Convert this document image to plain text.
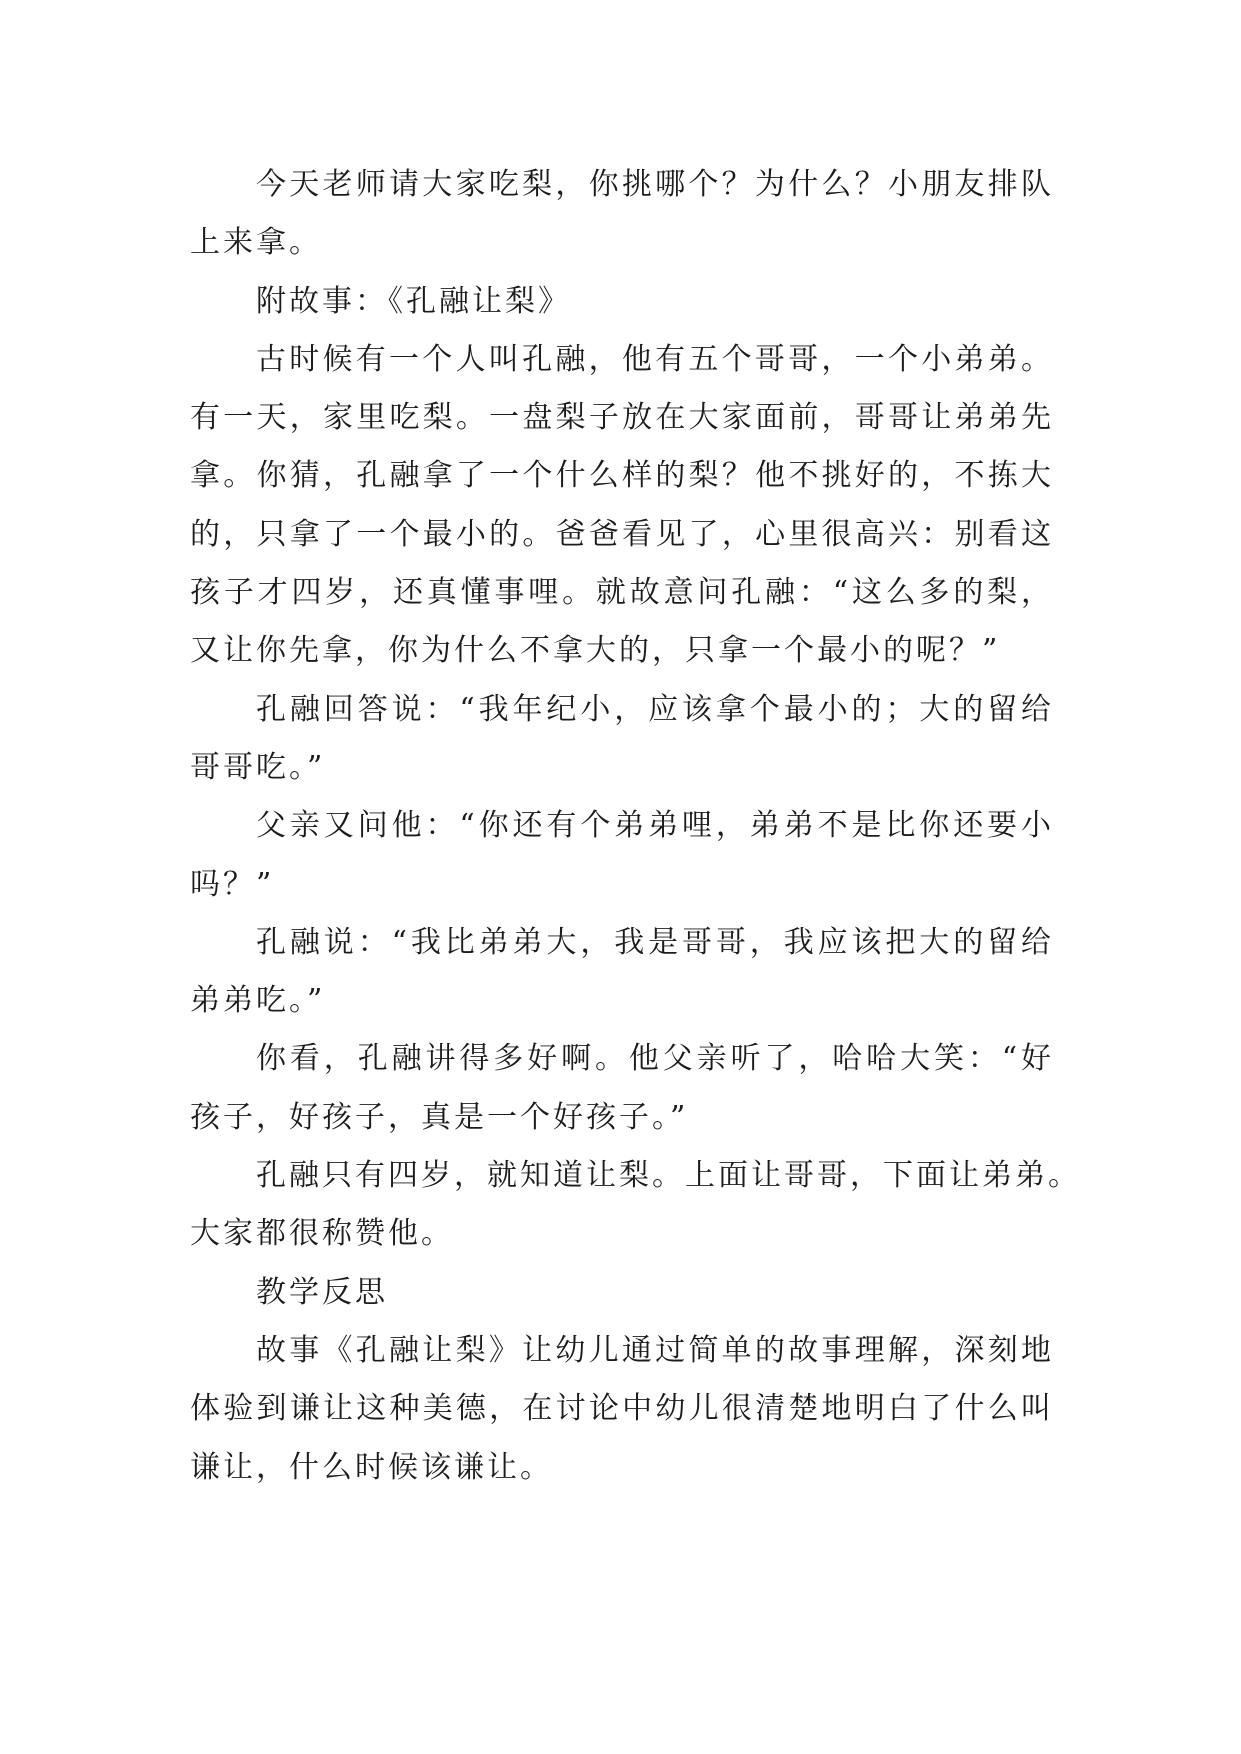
今天老师请大家吃梨，你挑哪个？为什么？小朋友排队
上来拿。
附故事：《孔融让梨》
古时候有一个人叫孔融，他有五个哥哥，一个小弟弟。
有一天，家里吃梨。一盘梨子放在大家面前，哥哥让弟弟先
拿。你猜，孔融拿了一个什么样的梨？他不挑好的，不拣大
的，只拿了一个最小的。爸爸看见了，心里很高兴：别看这
孩子才四岁，还真懂事哩。就故意问孔融：“这么多的梨，
又让你先拿，你为什么不拿大的，只拿一个最小的呢？”
孔融回答说：“我年纪小，应该拿个最小的；大的留给
哥哥吃。”
父亲又问他：“你还有个弟弟哩，弟弟不是比你还要小
吗？”
孔融说：“我比弟弟大，我是哥哥，我应该把大的留给
弟弟吃。”
你看，孔融讲得多好啊。他父亲听了，哈哈大笑：“好
孩子，好孩子，真是一个好孩子。”
孔融只有四岁，就知道让梨。上面让哥哥，下面让弟弟。
大家都很称赞他。
教学反思
故事《孔融让梨》让幼儿通过简单的故事理解，深刻地
体验到谦让这种美德，在讨论中幼儿很清楚地明白了什么叫
谦让，什么时候该谦让。
